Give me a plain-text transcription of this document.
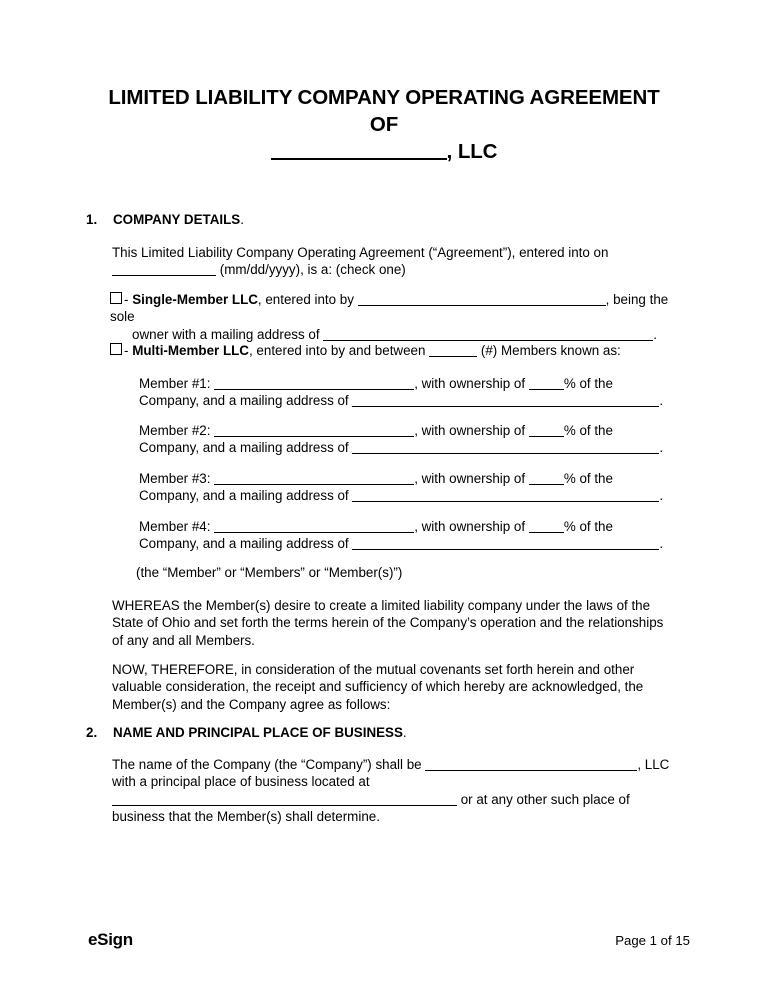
LIMITED LIABILITY COMPANY OPERATING AGREEMENT
OF
, LLC
1. COMPANY DETAILS.
This Limited Liability Company Operating Agreement (“Agreement”), entered into on
(mm/dd/yyyy), is a: (check one)
- Single-Member LLC, entered into by	, being the sole
owner with a mailing address of	.
- Multi-Member LLC, entered into by and between	(#) Members known as:
Member #1:	, with ownership of	% of the
Company, and a mailing address of	.
Member #2:	, with ownership of	% of the
Company, and a mailing address of	.
Member #3:	, with ownership of	% of the
Company, and a mailing address of	.
Member #4:	, with ownership of	% of the
Company, and a mailing address of	.
(the “Member” or “Members” or “Member(s)”)
WHEREAS the Member(s) desire to create a limited liability company under the laws of the State of Ohio and set forth the terms herein of the Company’s operation and the relationships of any and all Members.
NOW, THEREFORE, in consideration of the mutual covenants set forth herein and other valuable consideration, the receipt and sufficiency of which hereby are acknowledged, the Member(s) and the Company agree as follows:
2. NAME AND PRINCIPAL PLACE OF BUSINESS.
The name of the Company (the “Company”) shall be	, LLC
with a principal place of business located at
or at any other such place of
business that the Member(s) shall determine.
eSign	Page 1 of 15
